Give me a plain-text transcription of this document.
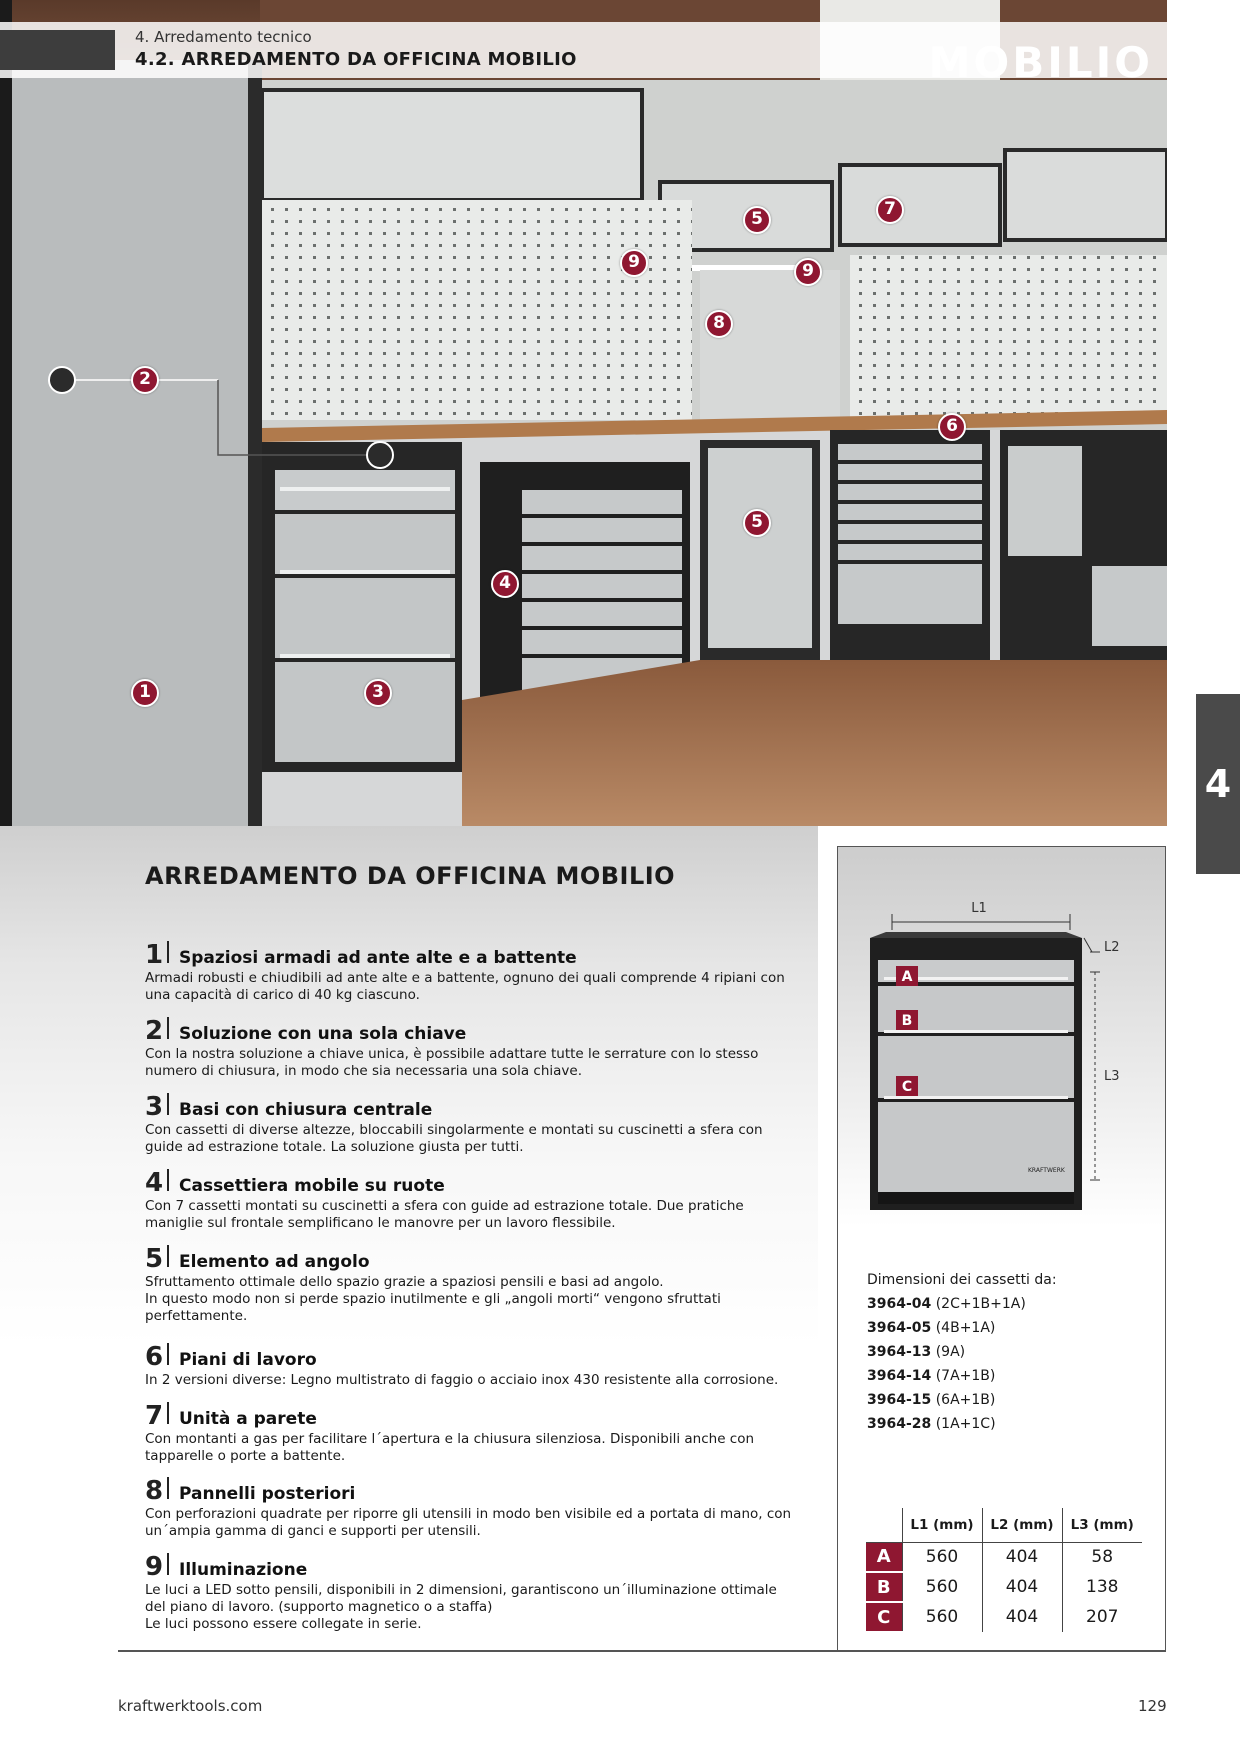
1
2
3
4
5
5
6
7
8
9	9
MOBILIO
4. Arredamento tecnico
4.2. ARREDAMENTO DA OFFICINA MOBILIO
4
ARREDAMENTO DA OFFICINA MOBILIO
1 Spaziosi armadi ad ante alte e a battente
Armadi robusti e chiudibili ad ante alte e a battente, ognuno dei quali comprende 4 ripiani con
una capacità di carico di 40 kg ciascuno.
2 Soluzione con una sola chiave
Con la nostra soluzione a chiave unica, è possibile adattare tutte le serrature con lo stesso
numero di chiusura, in modo che sia necessaria una sola chiave.
3 Basi con chiusura centrale
Con cassetti di diverse altezze, bloccabili singolarmente e montati su cuscinetti a sfera con
guide ad estrazione totale. La soluzione giusta per tutti.
4 Cassettiera mobile su ruote
Con 7 cassetti montati su cuscinetti a sfera con guide ad estrazione totale. Due pratiche
maniglie sul frontale semplificano le manovre per un lavoro flessibile.
5 Elemento ad angolo
Sfruttamento ottimale dello spazio grazie a spaziosi pensili e basi ad angolo.
In questo modo non si perde spazio inutilmente e gli „angoli morti“ vengono sfruttati
perfettamente.
6 Piani di lavoro
In 2 versioni diverse: Legno multistrato di faggio o acciaio inox 430 resistente alla corrosione.
7 Unità a parete
Con montanti a gas per facilitare l´apertura e la chiusura silenziosa. Disponibili anche con
tapparelle o porte a battente.
8 Pannelli posteriori
Con perforazioni quadrate per riporre gli utensili in modo ben visibile ed a portata di mano, con
un´ampia gamma di ganci e supporti per utensili.
9 Illuminazione
Le luci a LED sotto pensili, disponibili in 2 dimensioni, garantiscono un´illuminazione ottimale
del piano di lavoro. (supporto magnetico o a staffa)
Le luci possono essere collegate in serie.
L1
KRAFTWERK
A
B
C
L2
L3
Dimensioni dei cassetti da:
3964-04 (2C+1B+1A)
3964-05 (4B+1A)
3964-13 (9A)
3964-14 (7A+1B)
3964-15 (6A+1B)
3964-28 (1A+1C)
	L1 (mm)	L2 (mm)	L3 (mm)
A	560	404	58
B	560	404	138
C	560	404	207
kraftwerktools.com	129
